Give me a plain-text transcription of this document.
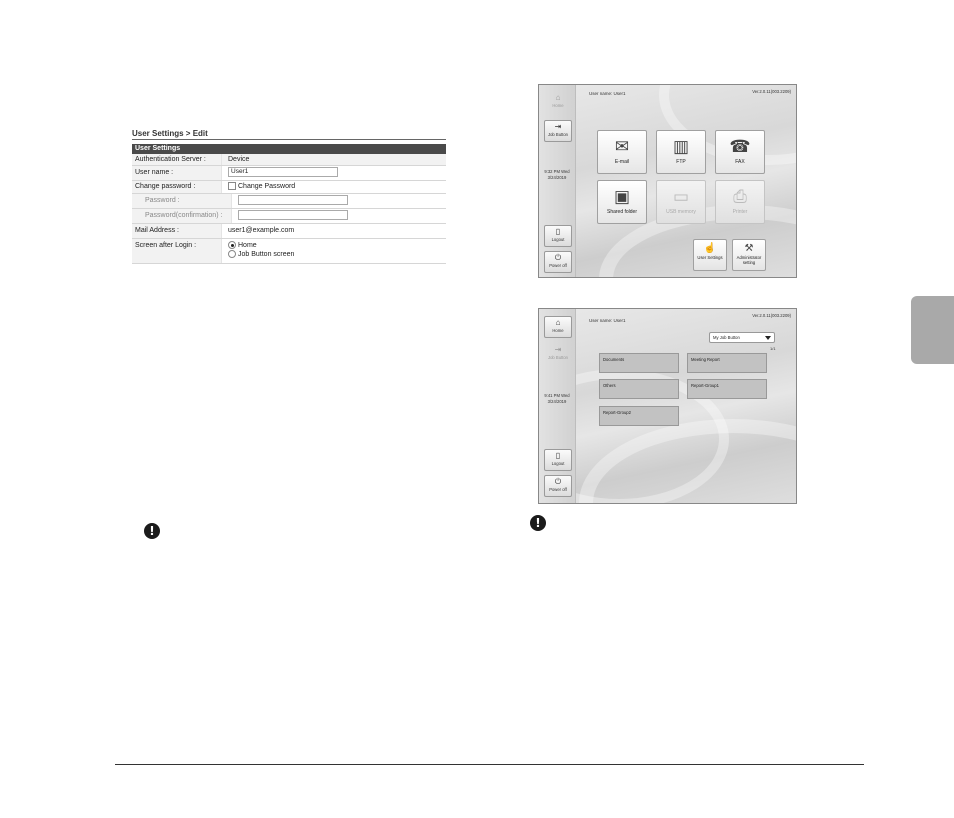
User Settings > Edit
User Settings
Authentication Server :	Device
User name :	User1
Change password :	Change Password
Password :
Password(confirmation) :
Mail Address :	user1@example.com
Screen after Login :	Home
Job Button screen
⌂
Home
⇥
Job Button
9:32 PM Wed
3/24/2019
▯
Logout
⏻
Power off
User name: User1	Ver.2.0.11(003.2209)
✉
E-mail
▥
FTP
☎
FAX
▣
Shared folder
▭
USB memory
⎙
Printer
☝
User Settings
⚒
Administrator
setting
⌂
Home
⇥
Job Button
9:41 PM Wed
3/24/2019
▯
Logout
⏻
Power off
User name: User1
Ver.2.0.11(003.2209)
My Job Button
1/1
Documents	Meeting Report
Others	Report-Group1
Report-Group2
!
!
